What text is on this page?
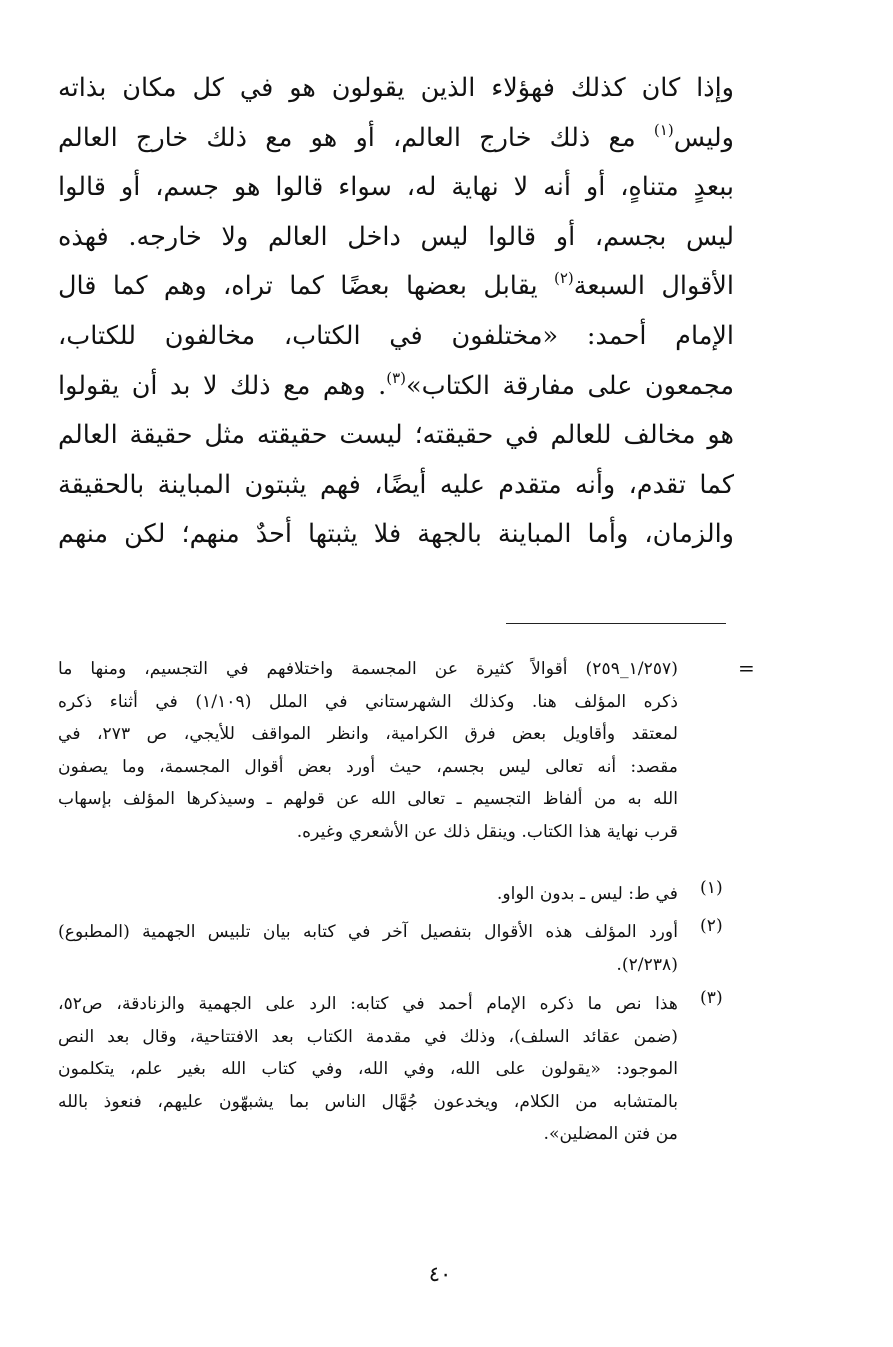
وإذا كان كذلك فهؤلاء الذين يقولون هو في كل مكان بذاته
وليس$^{(١)}$ مع ذلك خارج العالم، أو هو مع ذلك خارج العالم
ببعدٍ متناهٍ، أو أنه لا نهاية له، سواء قالوا هو جسم، أو قالوا
ليس بجسم، أو قالوا ليس داخل العالم ولا خارجه. فهذه
الأقوال السبعة$^{(٢)}$ يقابل بعضها بعضًا كما تراه، وهم كما قال
الإمام أحمد: «مختلفون في الكتاب، مخالفون للكتاب،
مجمعون على مفارقة الكتاب»$^{(٣)}$. وهم مع ذلك لا بد أن يقولوا
هو مخالف للعالم في حقيقته؛ ليست حقيقته مثل حقيقة العالم
كما تقدم، وأنه متقدم عليه أيضًا، فهم يثبتون المباينة بالحقيقة
والزمان، وأما المباينة بالجهة فلا يثبتها أحدٌ منهم؛ لكن منهم
=
(١/٢٥٧_٢٥٩) أقوالاً كثيرة عن المجسمة واختلافهم في التجسيم، ومنها ما
ذكره المؤلف هنا. وكذلك الشهرستاني في الملل (١/١٠٩) في أثناء ذكره
لمعتقد وأقاويل بعض فرق الكرامية، وانظر المواقف للأيجي، ص ٢٧٣، في
مقصد: أنه تعالى ليس بجسم، حيث أورد بعض أقوال المجسمة، وما يصفون
الله به من ألفاظ التجسيم ـ تعالى الله عن قولهم ـ وسيذكرها المؤلف بإسهاب
قرب نهاية هذا الكتاب. وينقل ذلك عن الأشعري وغيره.
(١)
في ط: ليس ـ بدون الواو.
(٢)
أورد المؤلف هذه الأقوال بتفصيل آخر في كتابه بيان تلبيس الجهمية (المطبوع)
(٢/٢٣٨).
(٣)
هذا نص ما ذكره الإمام أحمد في كتابه: الرد على الجهمية والزنادقة، ص٥٢،
(ضمن عقائد السلف)، وذلك في مقدمة الكتاب بعد الافتتاحية، وقال بعد النص
الموجود: «يقولون على الله، وفي الله، وفي كتاب الله بغير علم، يتكلمون
بالمتشابه من الكلام، ويخدعون جُهَّال الناس بما يشبهّون عليهم، فنعوذ بالله
من فتن المضلين».
٤٠
